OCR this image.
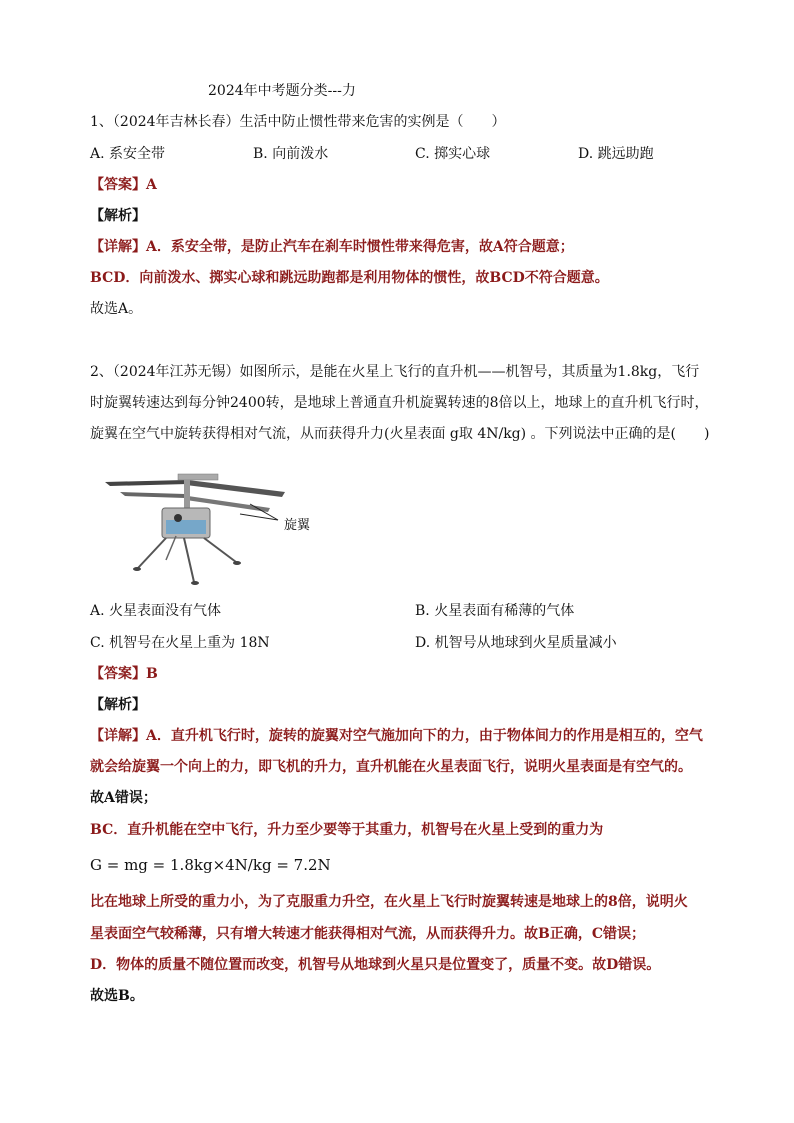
2024年中考题分类---力
1、（2024年吉林长春）生活中防止惯性带来危害的实例是（　　）
A. 系安全带	B. 向前泼水	C. 掷实心球	D. 跳远助跑
【答案】A
【解析】
【详解】A．系安全带，是防止汽车在刹车时惯性带来得危害，故A符合题意；
BCD．向前泼水、掷实心球和跳远助跑都是利用物体的惯性，故BCD不符合题意。
故选A。
2、（2024年江苏无锡）如图所示，是能在火星上飞行的直升机——机智号，其质量为1.8kg，飞行
时旋翼转速达到每分钟2400转，是地球上普通直升机旋翼转速的8倍以上，地球上的直升机飞行时，
旋翼在空气中旋转获得相对气流，从而获得升力(火星表面 g取 4N/kg) 。下列说法中正确的是(　　)
旋翼
A. 火星表面没有气体	B. 火星表面有稀薄的气体
C. 机智号在火星上重为 18N	D. 机智号从地球到火星质量减小
【答案】B
【解析】
【详解】A．直升机飞行时，旋转的旋翼对空气施加向下的力，由于物体间力的作用是相互的，空气
就会给旋翼一个向上的力，即飞机的升力，直升机能在火星表面飞行，说明火星表面是有空气的。
故A错误；
BC．直升机能在空中飞行，升力至少要等于其重力，机智号在火星上受到的重力为
G = mg = 1.8kg×4N/kg = 7.2N
比在地球上所受的重力小，为了克服重力升空，在火星上飞行时旋翼转速是地球上的8倍，说明火
星表面空气较稀薄，只有增大转速才能获得相对气流，从而获得升力。故B正确，C错误；
D．物体的质量不随位置而改变，机智号从地球到火星只是位置变了，质量不变。故D错误。
故选B。
